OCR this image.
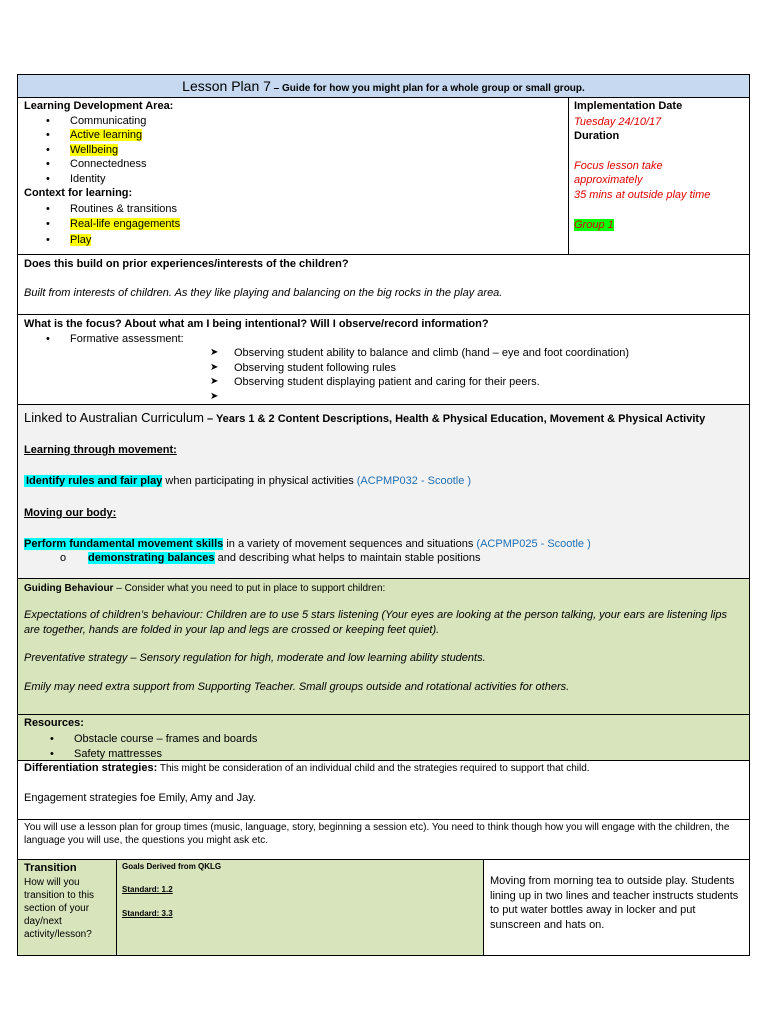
Lesson Plan 7 – Guide for how you might plan for a whole group or small group.
Learning Development Area:
• Communicating
• Active learning
• Wellbeing
• Connectedness
• Identity
Context for learning:
• Routines & transitions
• Real-life engagements
• Play
Implementation Date
Tuesday 24/10/17
Duration
Focus lesson take
approximately
35 mins at outside play time
Group 1
Does this build on prior experiences/interests of the children?
Built from interests of children. As they like playing and balancing on the big rocks in the play area.
What is the focus? About what am I being intentional? Will I observe/record information?
• Formative assessment:
➤ Observing student ability to balance and climb (hand – eye and foot coordination)
➤ Observing student following rules
➤ Observing student displaying patient and caring for their peers.
➤
Linked to Australian Curriculum – Years 1 & 2 Content Descriptions, Health & Physical Education, Movement & Physical Activity
Learning through movement:
Identify rules and fair play when participating in physical activities (ACPMP032 - Scootle )
Moving our body:
Perform fundamental movement skills in a variety of movement sequences and situations (ACPMP025 - Scootle )
o demonstrating balances and describing what helps to maintain stable positions
Guiding Behaviour – Consider what you need to put in place to support children:
Expectations of children’s behaviour: Children are to use 5 stars listening (Your eyes are looking at the person talking, your ears are listening lips are together, hands are folded in your lap and legs are crossed or keeping feet quiet).
Preventative strategy – Sensory regulation for high, moderate and low learning ability students.
Emily may need extra support from Supporting Teacher. Small groups outside and rotational activities for others.
Resources:
• Obstacle course – frames and boards
• Safety mattresses
Differentiation strategies: This might be consideration of an individual child and the strategies required to support that child.
Engagement strategies foe Emily, Amy and Jay.
You will use a lesson plan for group times (music, language, story, beginning a session etc). You need to think though how you will engage with the children, the language you will use, the questions you might ask etc.
Transition
How will you transition to this section of your day/next activity/lesson?
Goals Derived from QKLG
Standard: 1.2
Standard: 3.3
Moving from morning tea to outside play. Students lining up in two lines and teacher instructs students to put water bottles away in locker and put sunscreen and hats on.
